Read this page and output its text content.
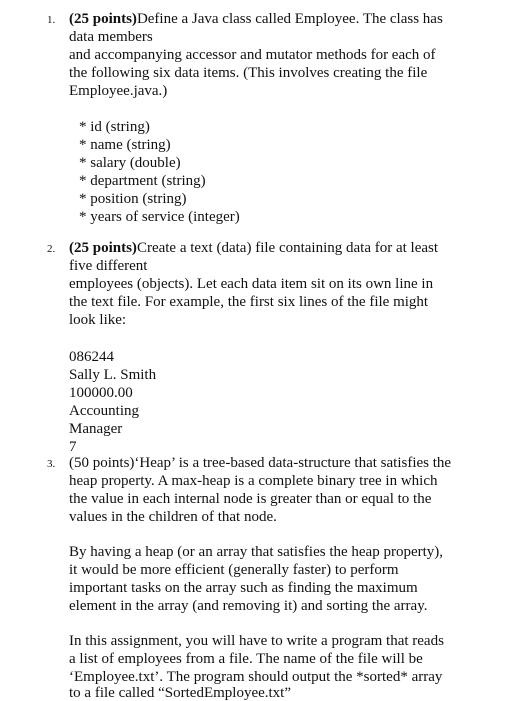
1. (25 points)Define a Java class called Employee. The class has
data members
and accompanying accessor and mutator methods for each of
the following six data items. (This involves creating the file
Employee.java.)
* id (string)
* name (string)
* salary (double)
* department (string)
* position (string)
* years of service (integer)
2. (25 points)Create a text (data) file containing data for at least
five different
employees (objects). Let each data item sit on its own line in
the text file. For example, the first six lines of the file might
look like:
086244
Sally L. Smith
100000.00
Accounting
Manager
7
3. (50 points)‘Heap’ is a tree-based data-structure that satisfies the
heap property. A max-heap is a complete binary tree in which
the value in each internal node is greater than or equal to the
values in the children of that node.
By having a heap (or an array that satisfies the heap property),
it would be more efficient (generally faster) to perform
important tasks on the array such as finding the maximum
element in the array (and removing it) and sorting the array.
In this assignment, you will have to write a program that reads
a list of employees from a file. The name of the file will be
‘Employee.txt’. The program should output the *sorted* array
to a file called “SortedEmployee.txt”
